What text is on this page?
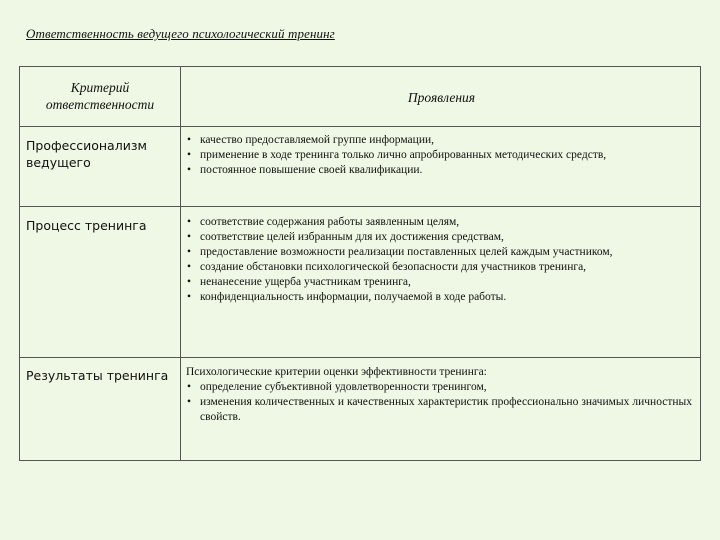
Ответственность ведущего психологический тренинг
Критерий ответственности	Проявления
Профессионализм ведущего
• качество предоставляемой группе информации,
• применение в ходе тренинга только лично апробированных методических средств,
• постоянное повышение своей квалификации.
Процесс тренинга
•	соответствие содержания работы заявленным целям,
• соответствие целей избранным для их достижения средствам,
• предоставление возможности реализации поставленных целей каждым участником,
• создание обстановки психологической безопасности для участников тренинга,
• ненанесение ущерба участникам тренинга,
• конфиденциальность информации, получаемой в ходе работы.
Результаты тренинга	Психологические критерии оценки эффективности тренинга:
• определение субъективной удовлетворенности тренингом,
• изменения количественных и качественных характеристик профессионально значимых личностных свойств.
